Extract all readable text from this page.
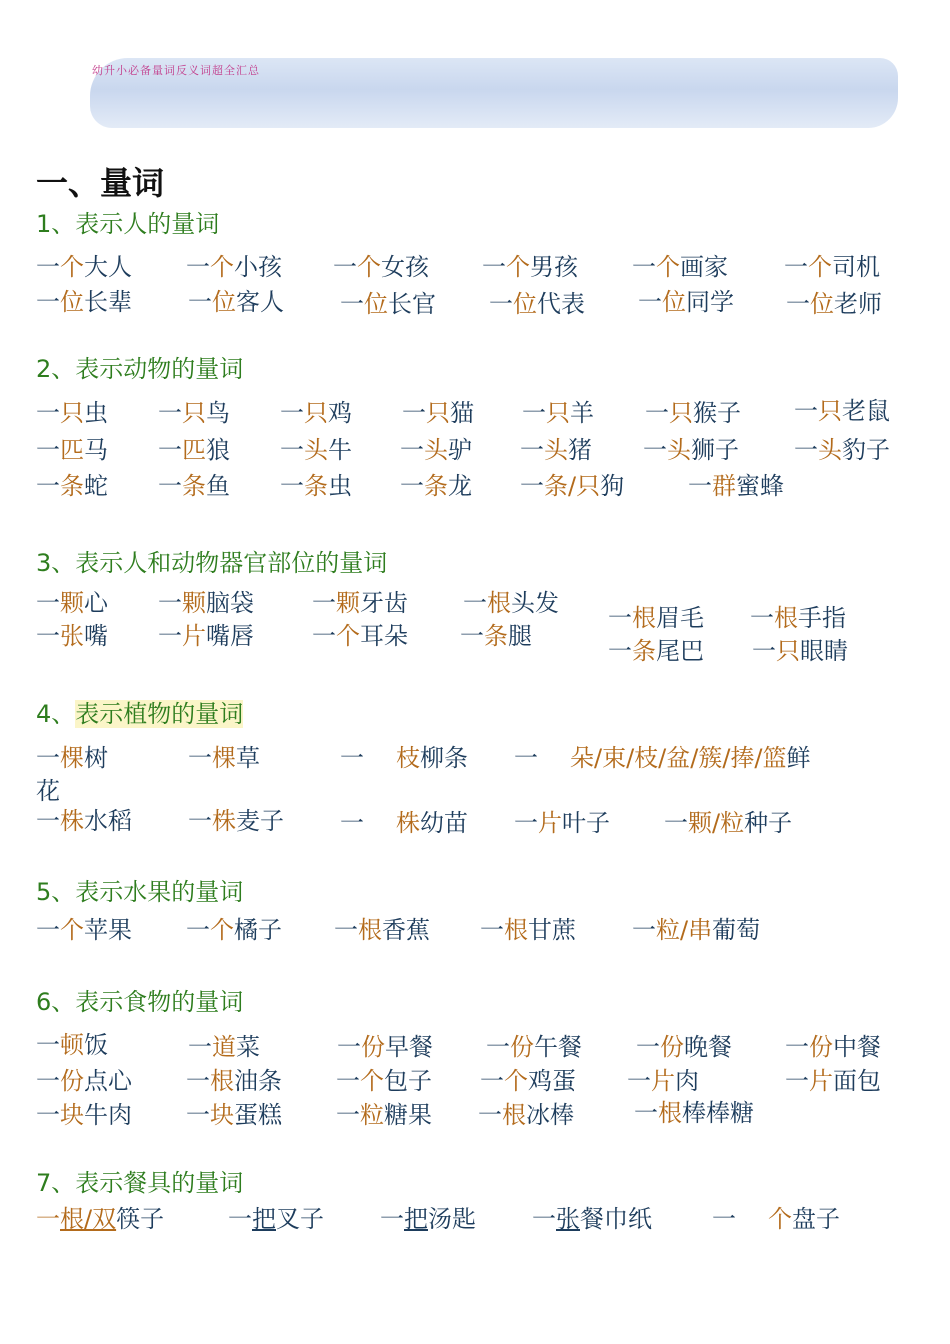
幼升小必备量词反义词超全汇总
一、量词
1、表示人的量词
一个大人 一个小孩 一个女孩 一个男孩 一个画家 一个司机
一位长辈 一位客人 一位长官 一位代表 一位同学 一位老师
2、表示动物的量词
一只虫 一只鸟 一只鸡 一只猫 一只羊 一只猴子 一只老鼠
一匹马 一匹狼 一头牛 一头驴 一头猪 一头狮子 一头豹子
一条蛇 一条鱼 一条虫 一条龙 一条/只狗	一群蜜蜂
3、表示人和动物器官部位的量词
一颗心 一颗脑袋 一颗牙齿 一根头发
一张嘴 一片嘴唇 一个耳朵 一条腿
一根眉毛 一根手指
一条尾巴 一只眼睛
4、表示植物的量词
一棵树	一棵草	一 枝柳条 一 朵/束/枝/盆/簇/捧/篮鲜
花
一株水稻 一株麦子 一 株幼苗 一片叶子 一颗/粒种子
5、表示水果的量词
一个苹果 一个橘子 一根香蕉 一根甘蔗 一粒/串葡萄
6、表示食物的量词
一顿饭	一道菜	一份早餐 一份午餐 一份晚餐 一份中餐
一份点心 一根油条 一个包子 一个鸡蛋 一片肉	一片面包
一块牛肉 一块蛋糕 一粒糖果 一根冰棒	一根棒棒糖
7、表示餐具的量词
一根/双筷子	一把叉子 一把汤匙 一张餐巾纸	一 个盘子
